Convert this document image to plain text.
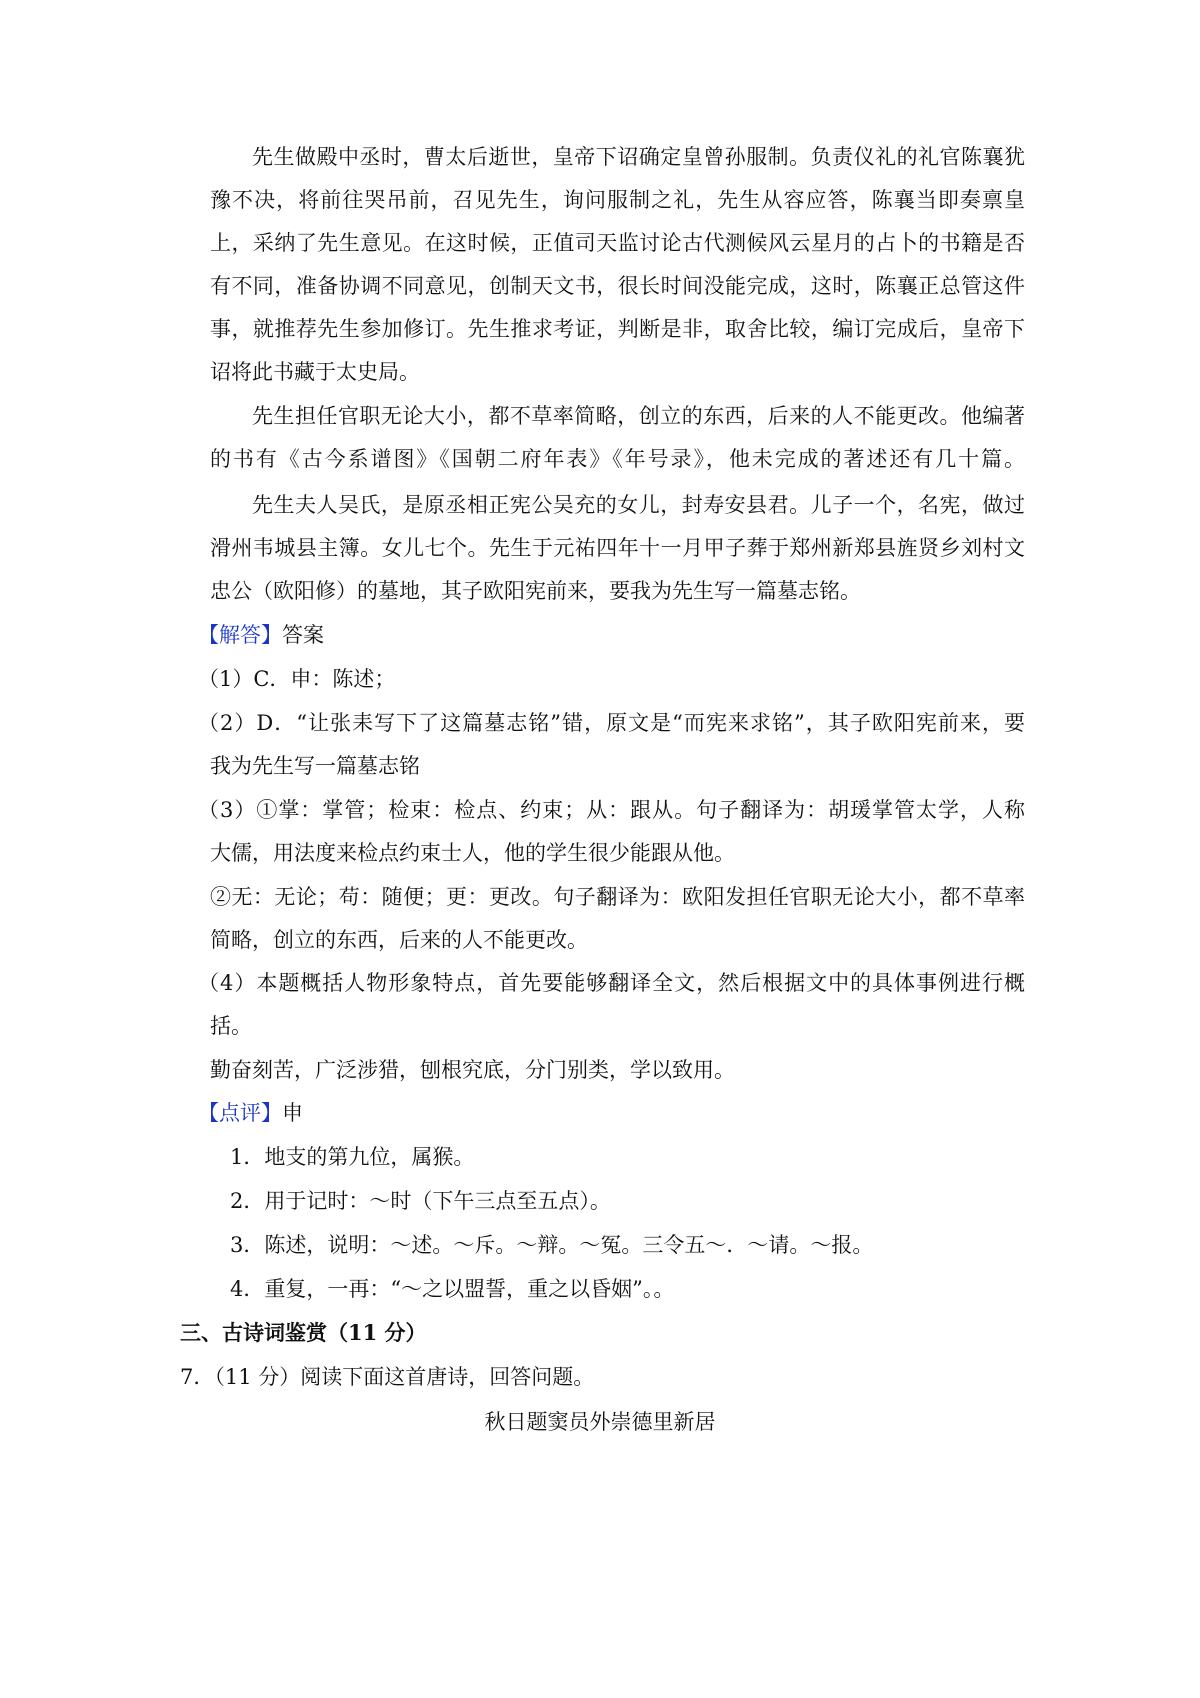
先生做殿中丞时，曹太后逝世，皇帝下诏确定皇曾孙服制。负责仪礼的礼官陈襄犹
豫不决，将前往哭吊前，召见先生，询问服制之礼，先生从容应答，陈襄当即奏禀皇
上，采纳了先生意见。在这时候，正值司天监讨论古代测候风云星月的占卜的书籍是否
有不同，准备协调不同意见，创制天文书，很长时间没能完成，这时，陈襄正总管这件
事，就推荐先生参加修订。先生推求考证，判断是非，取舍比较，编订完成后，皇帝下
诏将此书藏于太史局。
先生担任官职无论大小，都不草率简略，创立的东西，后来的人不能更改。他编著
的书有《古今系谱图》《国朝二府年表》《年号录》，他未完成的著述还有几十篇。
先生夫人吴氏，是原丞相正宪公吴充的女儿，封寿安县君。儿子一个，名宪，做过
滑州韦城县主簿。女儿七个。先生于元祐四年十一月甲子葬于郑州新郑县旌贤乡刘村文
忠公（欧阳修）的墓地，其子欧阳宪前来，要我为先生写一篇墓志铭。
【解答】答案
（1）C．申：陈述；
（2）D．“让张耒写下了这篇墓志铭”错，原文是“而宪来求铭”，其子欧阳宪前来，要
我为先生写一篇墓志铭
（3）①掌：掌管；检束：检点、约束；从：跟从。句子翻译为：胡瑗掌管太学，人称
大儒，用法度来检点约束士人，他的学生很少能跟从他。
②无：无论；苟：随便；更：更改。句子翻译为：欧阳发担任官职无论大小，都不草率
简略，创立的东西，后来的人不能更改。
（4）本题概括人物形象特点，首先要能够翻译全文，然后根据文中的具体事例进行概
括。
勤奋刻苦，广泛涉猎，刨根究底，分门别类，学以致用。
【点评】申
1．地支的第九位，属猴。
2．用于记时：～时（下午三点至五点）。
3．陈述，说明：～述。～斥。～辩。～冤。三令五～．～请。～报。
4．重复，一再：“～之以盟誓，重之以昏姻”。。
三、古诗词鉴赏（11 分）
7．（11 分）阅读下面这首唐诗，回答问题。
秋日题窦员外崇德里新居
